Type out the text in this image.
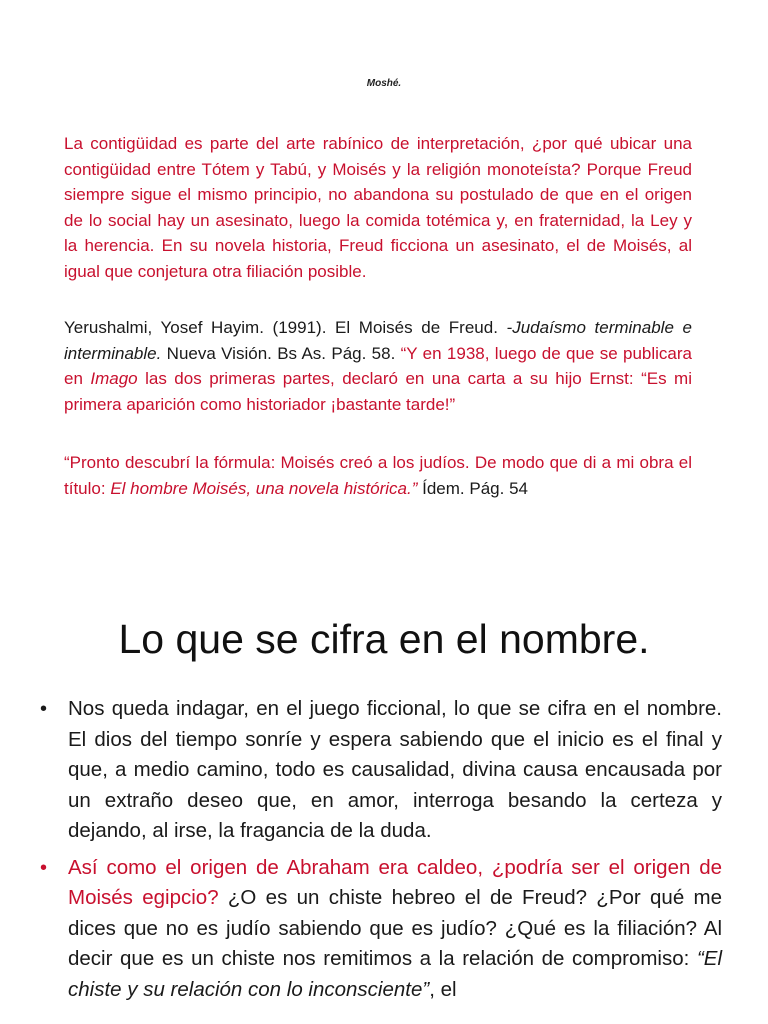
Moshé.

La contigüidad es parte del arte rabínico de interpretación, ¿por qué ubicar una contigüidad entre Tótem y Tabú, y Moisés y la religión monoteísta? Porque Freud siempre sigue el mismo principio, no abandona su postulado de que en el origen de lo social hay un asesinato, luego la comida totémica y, en fraternidad, la Ley y la herencia. En su novela historia, Freud ficciona un asesinato, el de Moisés, al igual que conjetura otra filiación posible.

Yerushalmi, Yosef Hayim. (1991). El Moisés de Freud. -Judaísmo terminable e interminable. Nueva Visión. Bs As. Pág. 58. “Y en 1938, luego de que se publicara en Imago las dos primeras partes, declaró en una carta a su hijo Ernst: “Es mi primera aparición como historiador ¡bastante tarde!”

“Pronto descubrí la fórmula: Moisés creó a los judíos. De modo que di a mi obra el título: El hombre Moisés, una novela histórica.” Ídem. Pág. 54

Lo que se cifra en el nombre.
• Nos queda indagar, en el juego ficcional, lo que se cifra en el nombre. El dios del tiempo sonríe y espera sabiendo que el inicio es el final y que, a medio camino, todo es causalidad, divina causa encausada por un extraño deseo que, en amor, interroga besando la certeza y dejando, al irse, la fragancia de la duda.
• Así como el origen de Abraham era caldeo, ¿podría ser el origen de Moisés egipcio? ¿O es un chiste hebreo el de Freud? ¿Por qué me dices que no es judío sabiendo que es judío? ¿Qué es la filiación? Al decir que es un chiste nos remitimos a la relación de compromiso: “El chiste y su relación con lo inconsciente”, el
